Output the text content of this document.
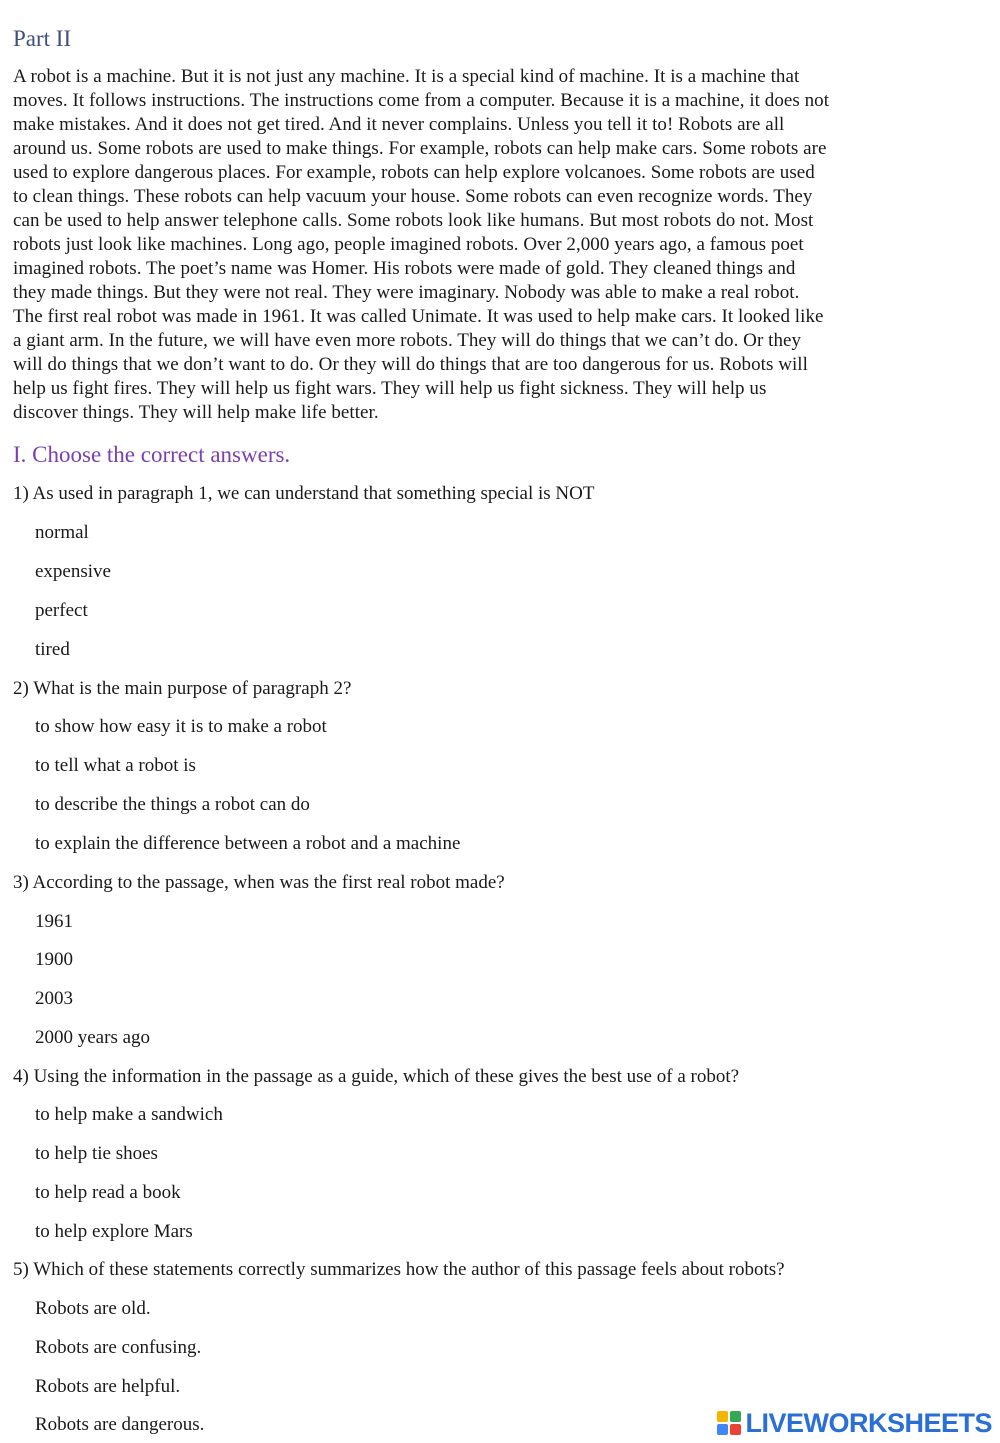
Part II

A robot is a machine. But it is not just any machine. It is a special kind of machine. It is a machine that
moves. It follows instructions. The instructions come from a computer. Because it is a machine, it does not
make mistakes. And it does not get tired. And it never complains. Unless you tell it to! Robots are all
around us. Some robots are used to make things. For example, robots can help make cars. Some robots are
used to explore dangerous places. For example, robots can help explore volcanoes. Some robots are used
to clean things. These robots can help vacuum your house. Some robots can even recognize words. They
can be used to help answer telephone calls. Some robots look like humans. But most robots do not. Most
robots just look like machines. Long ago, people imagined robots. Over 2,000 years ago, a famous poet
imagined robots. The poet’s name was Homer. His robots were made of gold. They cleaned things and
they made things. But they were not real. They were imaginary. Nobody was able to make a real robot.
The first real robot was made in 1961. It was called Unimate. It was used to help make cars. It looked like
a giant arm. In the future, we will have even more robots. They will do things that we can’t do. Or they
will do things that we don’t want to do. Or they will do things that are too dangerous for us. Robots will
help us fight fires. They will help us fight wars. They will help us fight sickness. They will help us
discover things. They will help make life better.

I. Choose the correct answers.
1) As used in paragraph 1, we can understand that something special is NOT
normal
expensive
perfect
tired
2) What is the main purpose of paragraph 2?
to show how easy it is to make a robot
to tell what a robot is
to describe the things a robot can do
to explain the difference between a robot and a machine
3) According to the passage, when was the first real robot made?
1961
1900
2003
2000 years ago
4) Using the information in the passage as a guide, which of these gives the best use of a robot?
to help make a sandwich
to help tie shoes
to help read a book
to help explore Mars
5) Which of these statements correctly summarizes how the author of this passage feels about robots?
Robots are old.
Robots are confusing.
Robots are helpful.
Robots are dangerous.	LIVEWORKSHEETS
